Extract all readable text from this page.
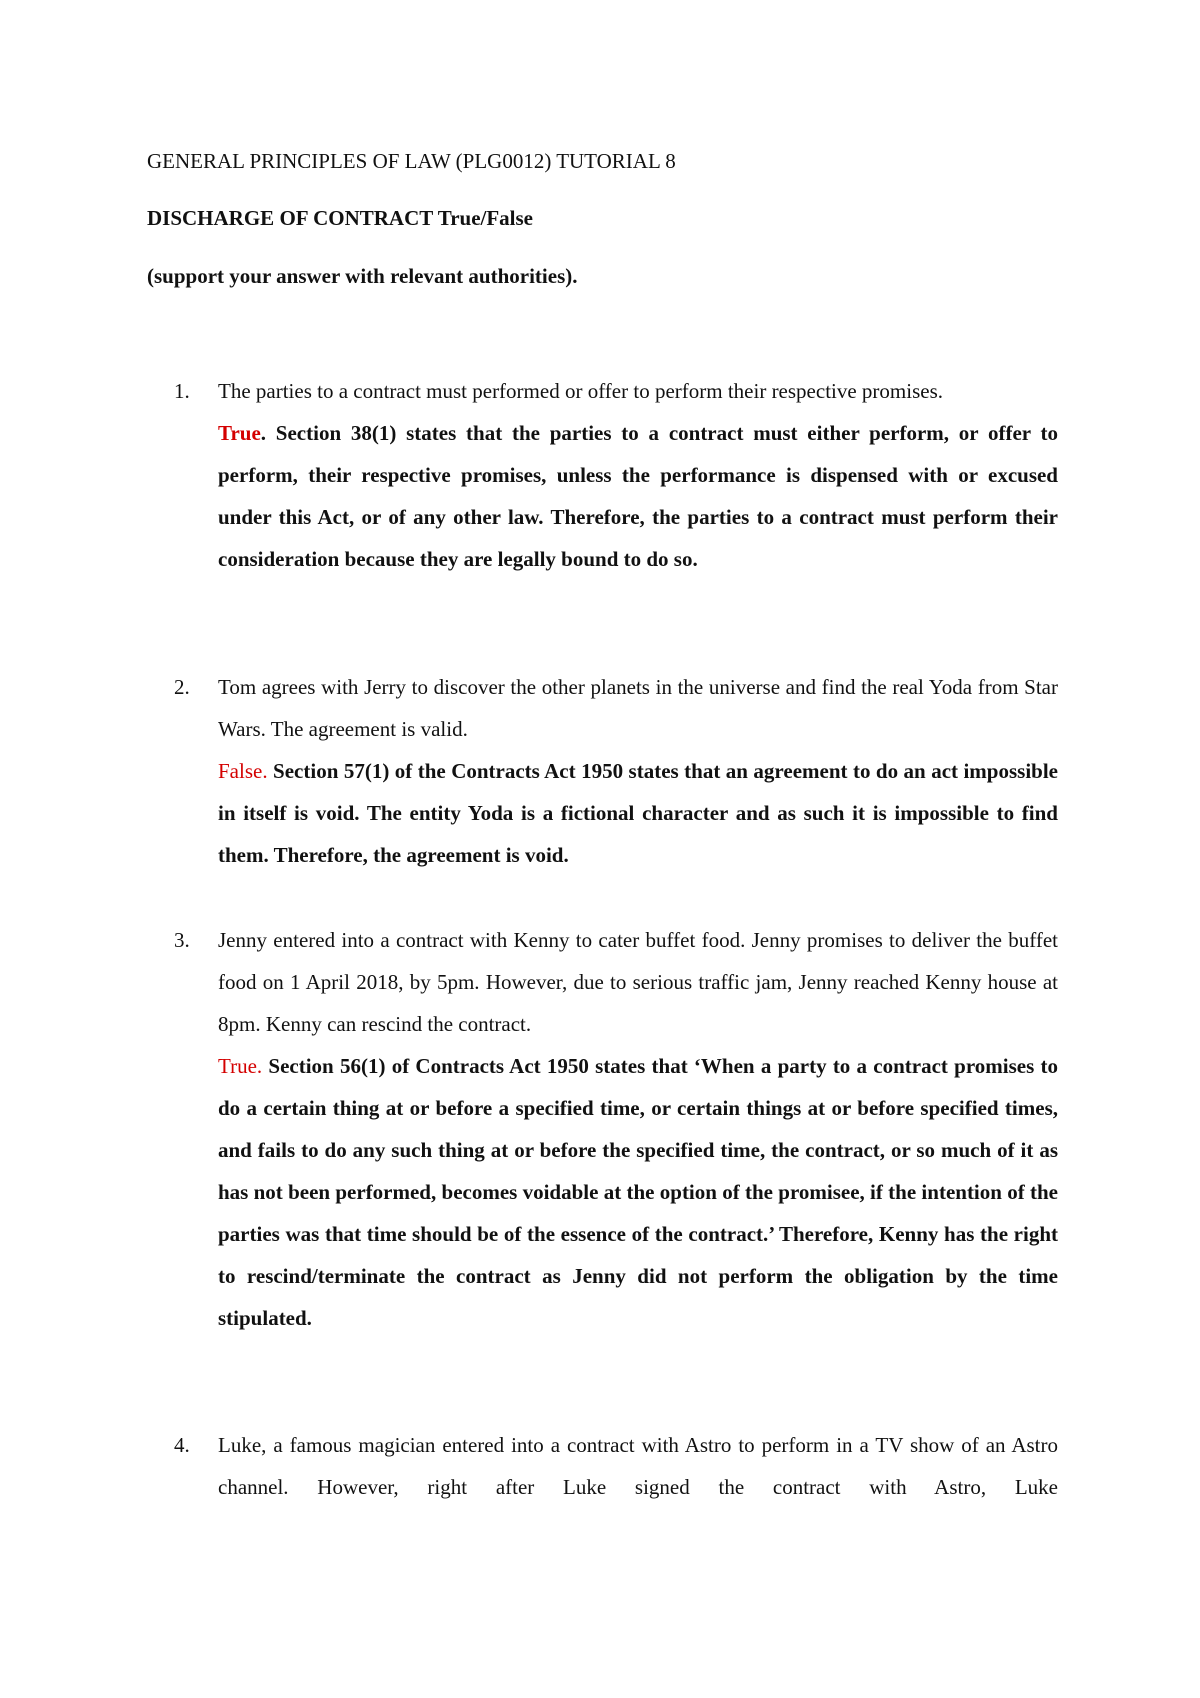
GENERAL PRINCIPLES OF LAW (PLG0012) TUTORIAL 8
DISCHARGE OF CONTRACT True/False
(support your answer with relevant authorities).
1.	The parties to a contract must performed or offer to perform their respective promises.
True. Section 38(1) states that the parties to a contract must either perform, or offer to perform, their respective promises, unless the performance is dispensed with or excused under this Act, or of any other law. Therefore, the parties to a contract must perform their consideration because they are legally bound to do so.
2.	Tom agrees with Jerry to discover the other planets in the universe and find the real Yoda from Star Wars. The agreement is valid.
False. Section 57(1) of the Contracts Act 1950 states that an agreement to do an act impossible in itself is void. The entity Yoda is a fictional character and as such it is impossible to find them. Therefore, the agreement is void.
3.	Jenny entered into a contract with Kenny to cater buffet food. Jenny promises to deliver the buffet food on 1 April 2018, by 5pm. However, due to serious traffic jam, Jenny reached Kenny house at 8pm. Kenny can rescind the contract.
True. Section 56(1) of Contracts Act 1950 states that ‘When a party to a contract promises to do a certain thing at or before a specified time, or certain things at or before specified times, and fails to do any such thing at or before the specified time, the contract, or so much of it as has not been performed, becomes voidable at the option of the promisee, if the intention of the parties was that time should be of the essence of the contract.’ Therefore, Kenny has the right to rescind/terminate the contract as Jenny did not perform the obligation by the time stipulated.
4.	Luke, a famous magician entered into a contract with Astro to perform in a TV show of an Astro channel. However, right after Luke signed the contract with Astro, Luke
